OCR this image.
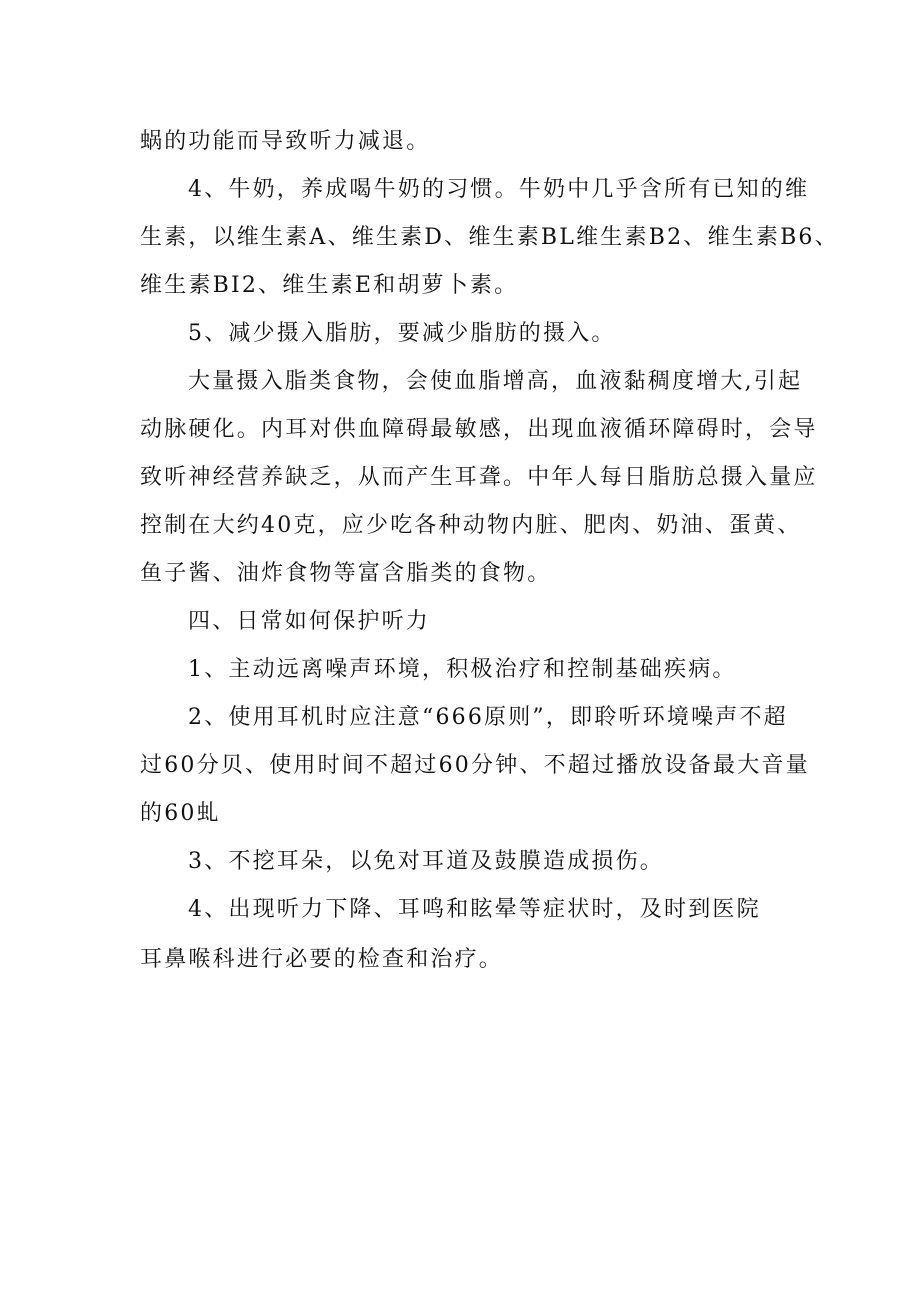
蜗的功能而导致听力减退。
4、牛奶，养成喝牛奶的习惯。牛奶中几乎含所有已知的维
生素，以维生素A、维生素D、维生素BL维生素B2、维生素B6、
维生素BI2、维生素E和胡萝卜素。
5、减少摄入脂肪，要减少脂肪的摄入。
大量摄入脂类食物，会使血脂增高，血液黏稠度增大,引起
动脉硬化。内耳对供血障碍最敏感，出现血液循环障碍时，会导
致听神经营养缺乏，从而产生耳聋。中年人每日脂肪总摄入量应
控制在大约40克，应少吃各种动物内脏、肥肉、奶油、蛋黄、
鱼子酱、油炸食物等富含脂类的食物。
四、日常如何保护听力
1、主动远离噪声环境，积极治疗和控制基础疾病。
2、使用耳机时应注意“666原则”，即聆听环境噪声不超
过60分贝、使用时间不超过60分钟、不超过播放设备最大音量
的60虬
3、不挖耳朵，以免对耳道及鼓膜造成损伤。
4、出现听力下降、耳鸣和眩晕等症状时，及时到医院
耳鼻喉科进行必要的检查和治疗。
